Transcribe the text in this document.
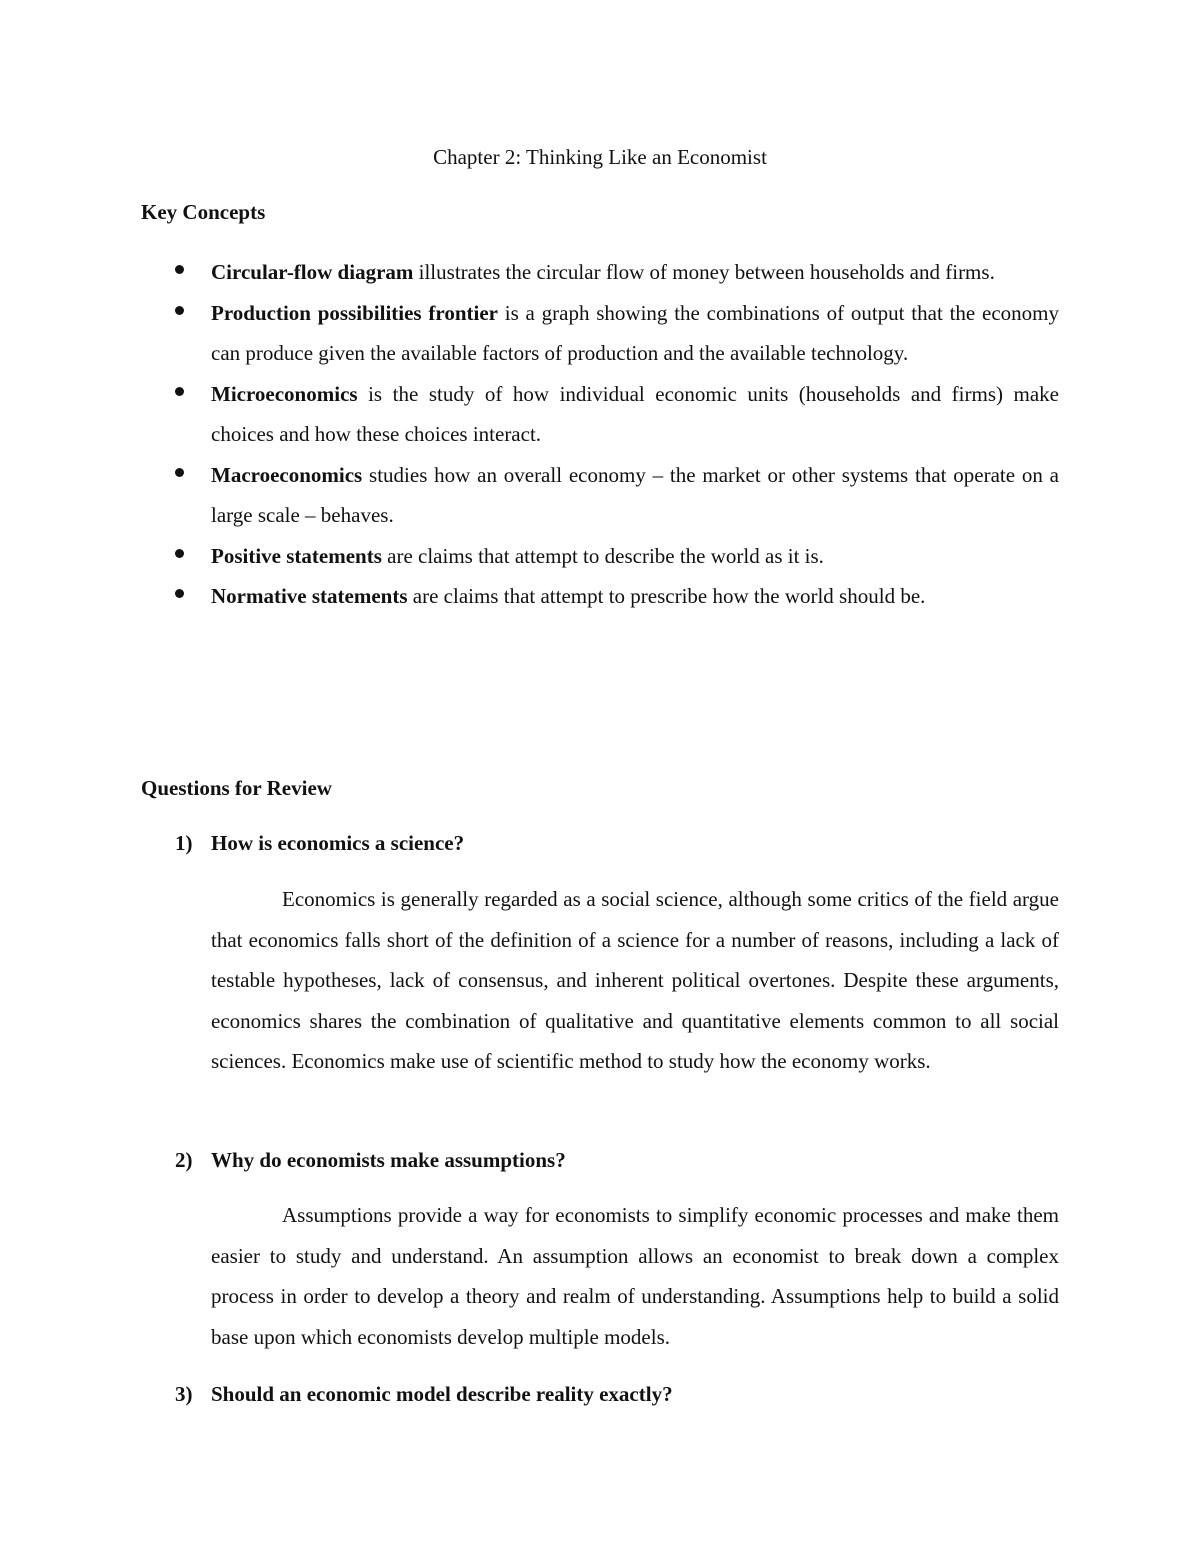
Chapter 2: Thinking Like an Economist
Key Concepts
Circular-flow diagram illustrates the circular flow of money between households and firms.
Production possibilities frontier is a graph showing the combinations of output that the economy can produce given the available factors of production and the available technology.
Microeconomics is the study of how individual economic units (households and firms) make choices and how these choices interact.
Macroeconomics studies how an overall economy – the market or other systems that operate on a large scale – behaves.
Positive statements are claims that attempt to describe the world as it is.
Normative statements are claims that attempt to prescribe how the world should be.
Questions for Review
1) How is economics a science?

Economics is generally regarded as a social science, although some critics of the field argue that economics falls short of the definition of a science for a number of reasons, including a lack of testable hypotheses, lack of consensus, and inherent political overtones. Despite these arguments, economics shares the combination of qualitative and quantitative elements common to all social sciences. Economics make use of scientific method to study how the economy works.

2) Why do economists make assumptions?

Assumptions provide a way for economists to simplify economic processes and make them easier to study and understand. An assumption allows an economist to break down a complex process in order to develop a theory and realm of understanding. Assumptions help to build a solid base upon which economists develop multiple models.

3) Should an economic model describe reality exactly?
